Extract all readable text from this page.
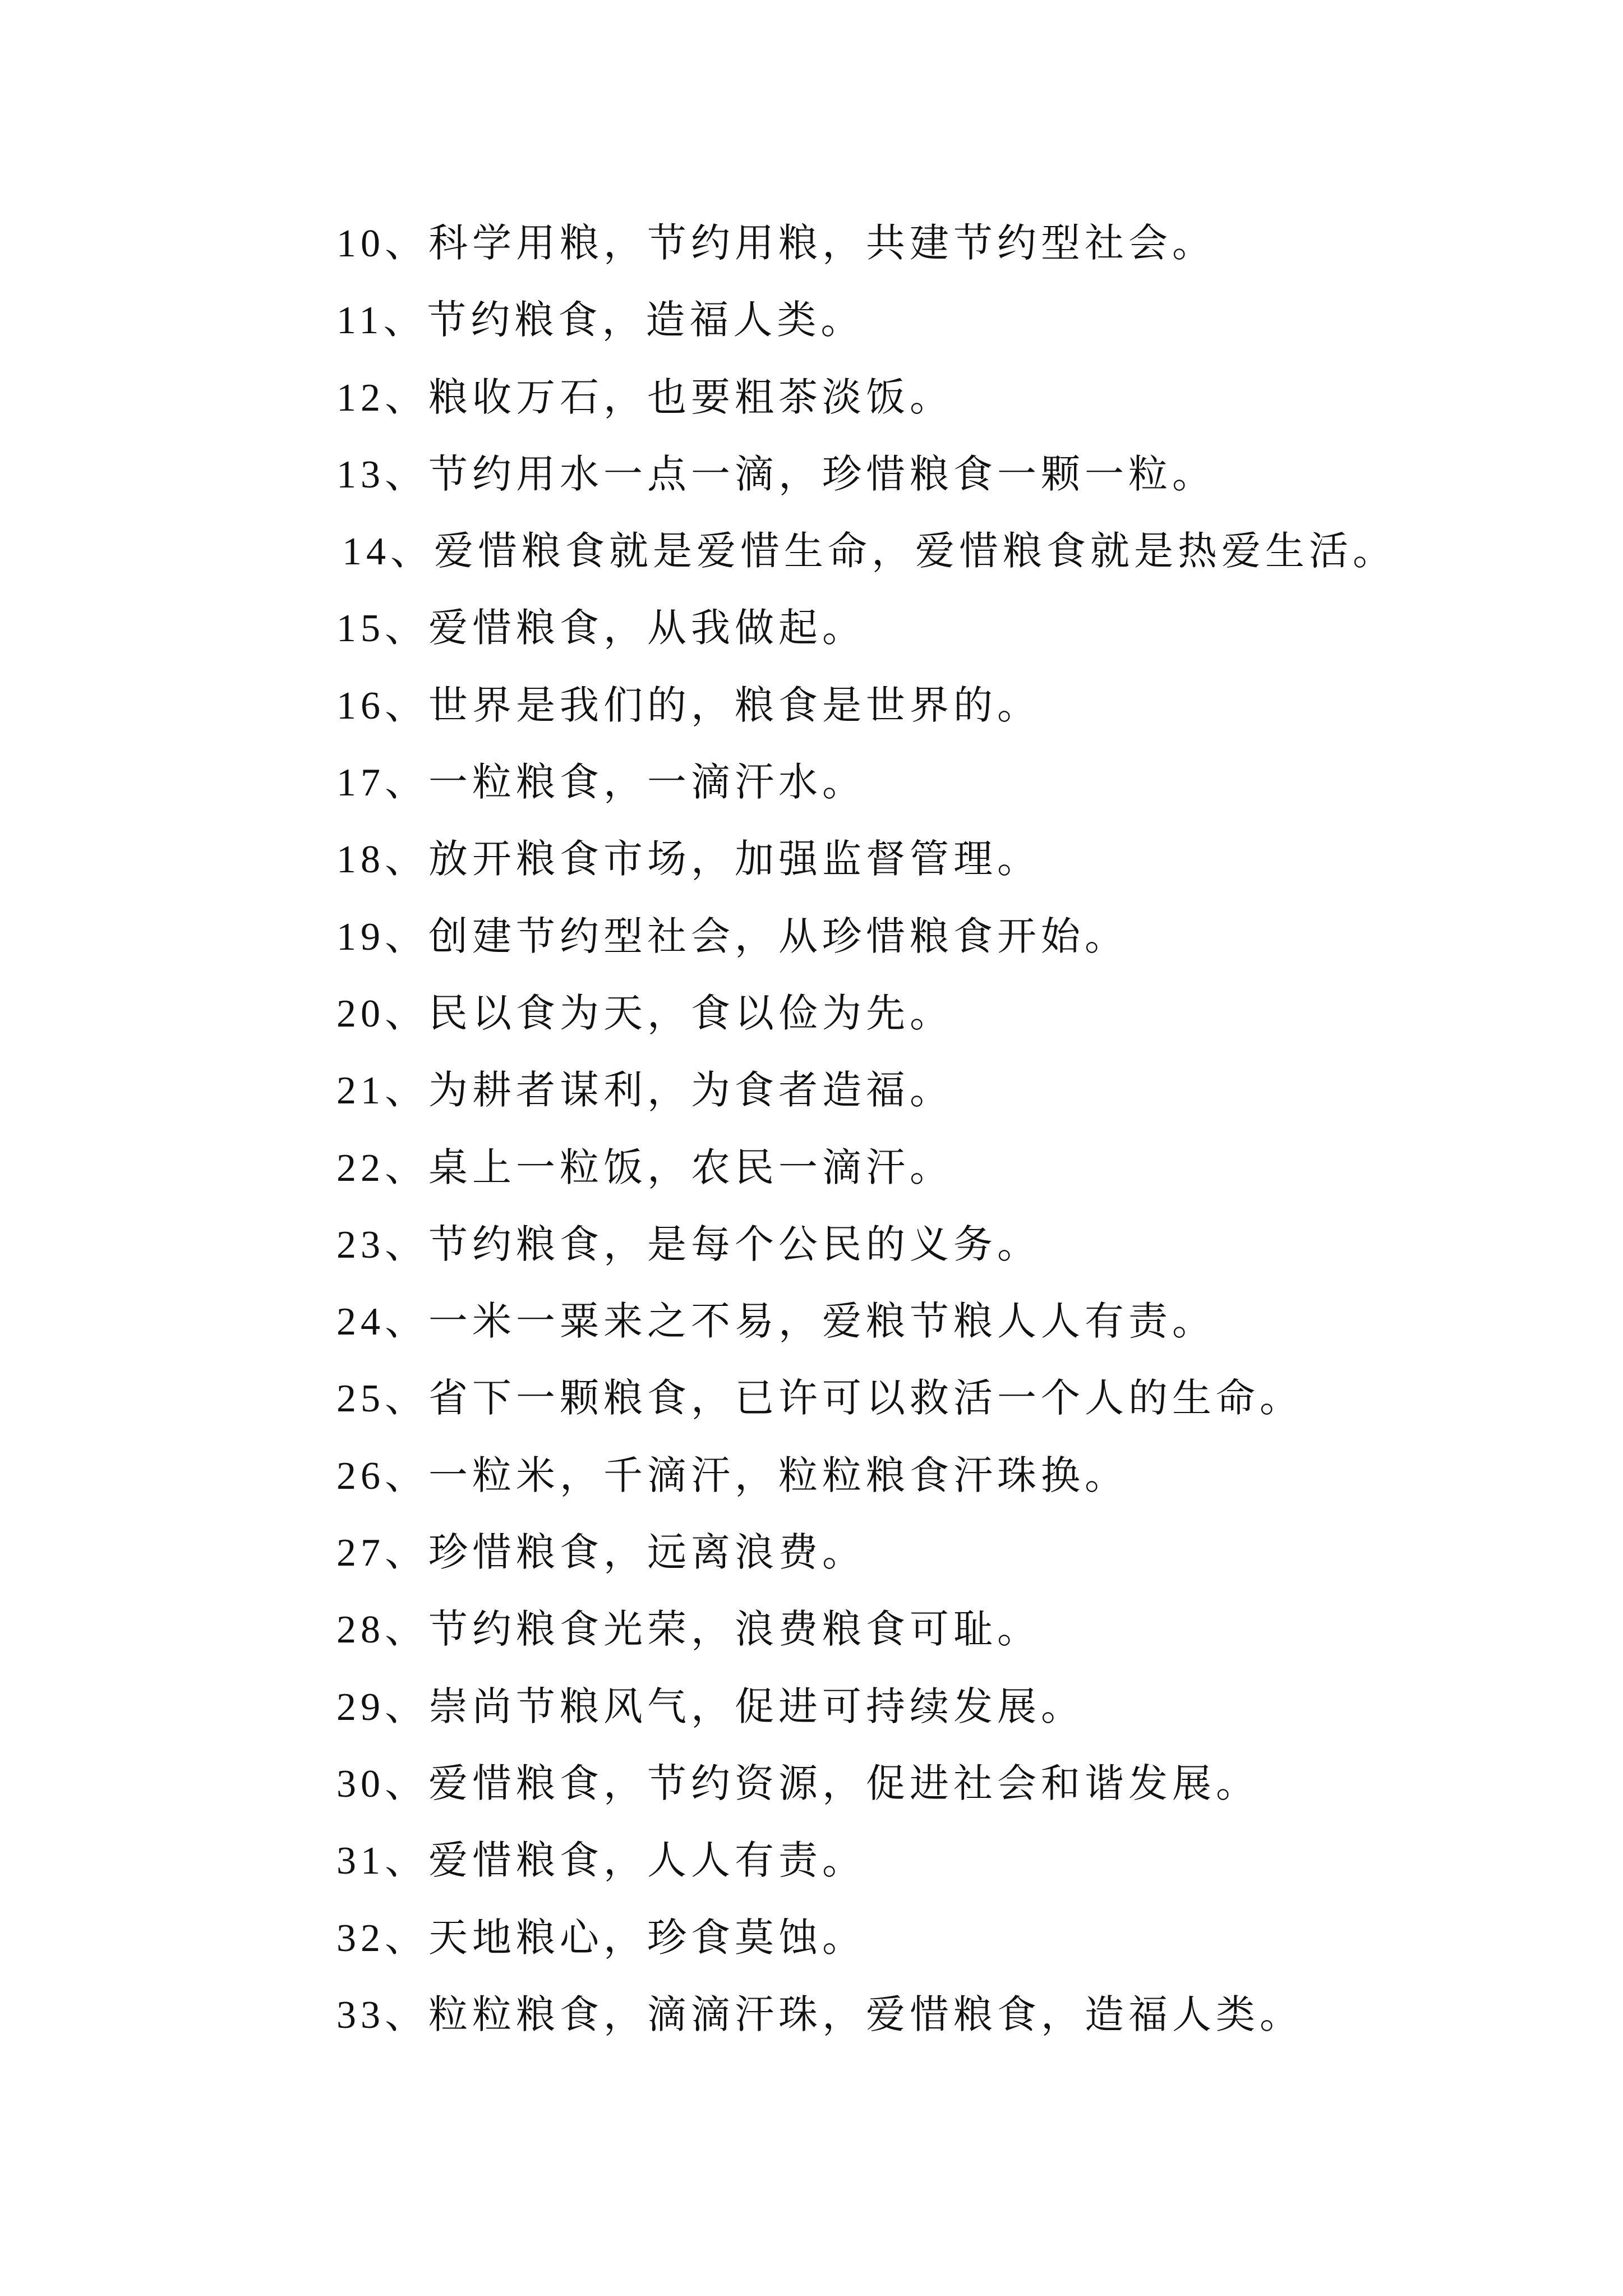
10、科学用粮，节约用粮，共建节约型社会。
11、节约粮食，造福人类。
12、粮收万石，也要粗茶淡饭。
13、节约用水一点一滴，珍惜粮食一颗一粒。
14、爱惜粮食就是爱惜生命，爱惜粮食就是热爱生活。
15、爱惜粮食，从我做起。
16、世界是我们的，粮食是世界的。
17、一粒粮食，一滴汗水。
18、放开粮食市场，加强监督管理。
19、创建节约型社会，从珍惜粮食开始。
20、民以食为天，食以俭为先。
21、为耕者谋利，为食者造福。
22、桌上一粒饭，农民一滴汗。
23、节约粮食，是每个公民的义务。
24、一米一粟来之不易，爱粮节粮人人有责。
25、省下一颗粮食，已许可以救活一个人的生命。
26、一粒米，千滴汗，粒粒粮食汗珠换。
27、珍惜粮食，远离浪费。
28、节约粮食光荣，浪费粮食可耻。
29、崇尚节粮风气，促进可持续发展。
30、爱惜粮食，节约资源，促进社会和谐发展。
31、爱惜粮食，人人有责。
32、天地粮心，珍食莫蚀。
33、粒粒粮食，滴滴汗珠，爱惜粮食，造福人类。
